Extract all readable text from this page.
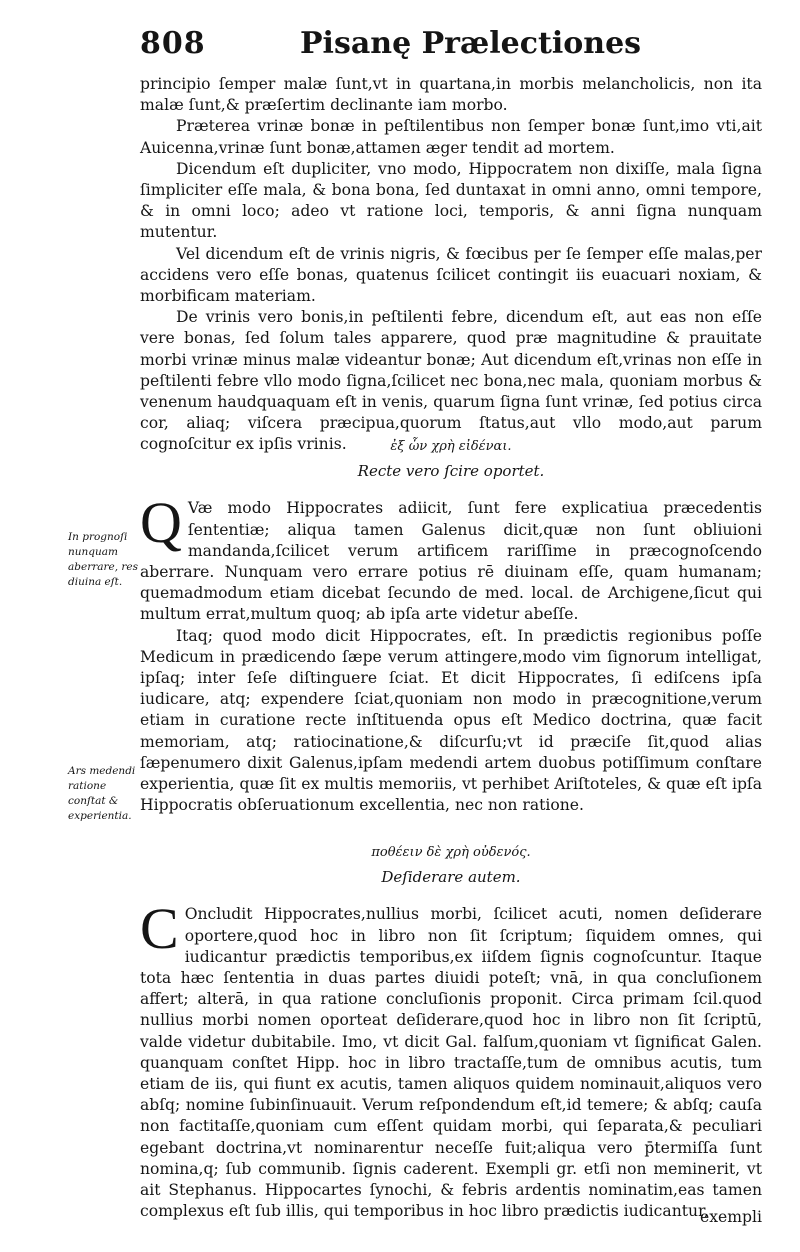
808	Pisanę Prælectiones

principio ſemper malæ ſunt,vt in quartana,in morbis melancholicis, non ita malæ ſunt,& præſertim declinante iam morbo.

Præterea vrinæ bonæ in peſtilentibus non ſemper bonæ ſunt,imo vti,ait Auicenna,vrinæ ſunt bonæ,attamen æger tendit ad mortem.

Dicendum eſt dupliciter, vno modo, Hippocratem non dixiſſe, mala ſigna ſimpliciter eſſe mala, & bona bona, ſed duntaxat in omni anno, omni tempore, & in omni loco; adeo vt ratione loci, temporis, & anni ſigna nunquam mutentur.

Vel dicendum eſt de vrinis nigris, & fœcibus per ſe ſemper eſſe malas,per accidens vero eſſe bonas, quatenus ſcilicet contingit iis euacuari noxiam, & morbificam materiam.

De vrinis vero bonis,in peſtilenti febre, dicendum eſt, aut eas non eſſe vere bonas, ſed ſolum tales apparere, quod præ magnitudine & prauitate morbi vrinæ minus malæ videantur bonæ; Aut dicendum eſt,vrinas non eſſe in peſtilenti febre vllo modo ſigna,ſcilicet nec bona,nec mala, quoniam morbus & venenum haudquaquam eſt in venis, quarum ſigna ſunt vrinæ, ſed potius circa cor, aliaq; viſcera præcipua,quorum ſtatus,aut vllo modo,aut parum cognoſcitur ex ipſis vrinis.	ἐξ ὧν χρὴ εἰδέναι.

Recte vero ſcire oportet.

Q Væ modo Hippocrates adiicit, ſunt fere explicatiua præcedentis ſententiæ; aliqua tamen Galenus dicit,quæ non ſunt obliuioni mandanda,ſcilicet verum artificem rariſſime in præcognoſcendo aberrare. Nunquam vero errare potius rē diuinam eſſe, quam humanam; quemadmodum etiam dicebat ſecundo de med. local. de Archigene,ſicut qui multum errat,multum quoq; ab ipſa arte videtur abeſſe.

Itaq; quod modo dicit Hippocrates, eſt. In prædictis regionibus poſſe Medicum in prædicendo ſæpe verum attingere,modo vim ſignorum intelligat, ipſaq; inter ſeſe diſtinguere ſciat. Et dicit Hippocrates, ſi ediſcens ipſa iudicare, atq; expendere ſciat,quoniam non modo in præcognitione,verum etiam in curatione recte inſtituenda opus eſt Medico doctrina, quæ facit memoriam, atq; ratiocinatione,& diſcurſu;vt id præciſe ſit,quod alias ſæpenumero dixit Galenus,ipſam medendi artem duobus potiſſimum conſtare experientia, quæ ſit ex multis memoriis, vt perhibet Ariſtoteles, & quæ eſt ipſa Hippocratis obſeruationum excellentia, nec non ratione.

ποθέειν δὲ χρὴ οὐδενός.

Deſiderare autem.

C Oncludit Hippocrates,nullius morbi, ſcilicet acuti, nomen deſiderare oportere,quod hoc in libro non ſit ſcriptum; ſiquidem omnes, qui iudicantur prædictis temporibus,ex iiſdem ſignis cognoſcuntur. Itaque tota hæc ſententia in duas partes diuidi poteſt; vnā, in qua concluſionem affert; alterā, in qua ratione concluſionis proponit. Circa primam ſcil.quod nullius morbi nomen oporteat deſiderare,quod hoc in libro non ſit ſcriptū, valde videtur dubitabile. Imo, vt dicit Gal. falſum,quoniam vt ſignificat Galen. quanquam conſtet Hipp. hoc in libro tractaſſe,tum de omnibus acutis, tum etiam de iis, qui fiunt ex acutis, tamen aliquos quidem nominauit,aliquos vero abſq; nomine ſubinſinuauit. Verum reſpondendum eſt,id temere; & abſq; cauſa non factitaſſe,quoniam cum eſſent quidam morbi, qui ſeparata,& peculiari egebant doctrina,vt nominarentur neceſſe fuit;aliqua vero p̄termiſſa ſunt nomina,q; ſub communib. ſignis caderent. Exempli gr. etſi non meminerit, vt ait Stephanus. Hippocartes ſynochi, & febris ardentis nominatim,eas tamen complexus eſt ſub illis, qui temporibus in hoc libro prædictis iudicantur,

In prognoſi nunquam aberrare, res diuina eſt.
Ars medendi ratione conſtat & experientia.
exempli
